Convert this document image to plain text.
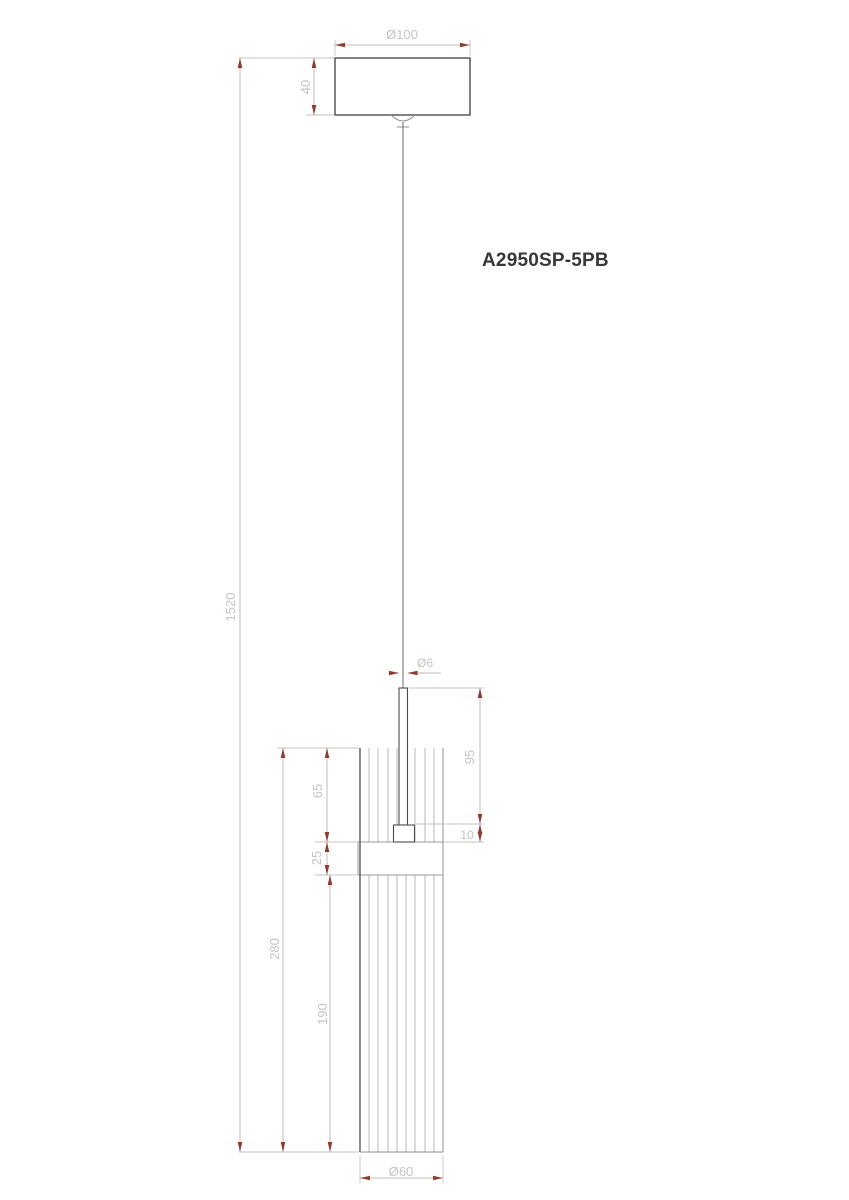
Ø100
40
1520
Ø6
95
10
65
25
280
190
Ø60
A2950SP-5PB
